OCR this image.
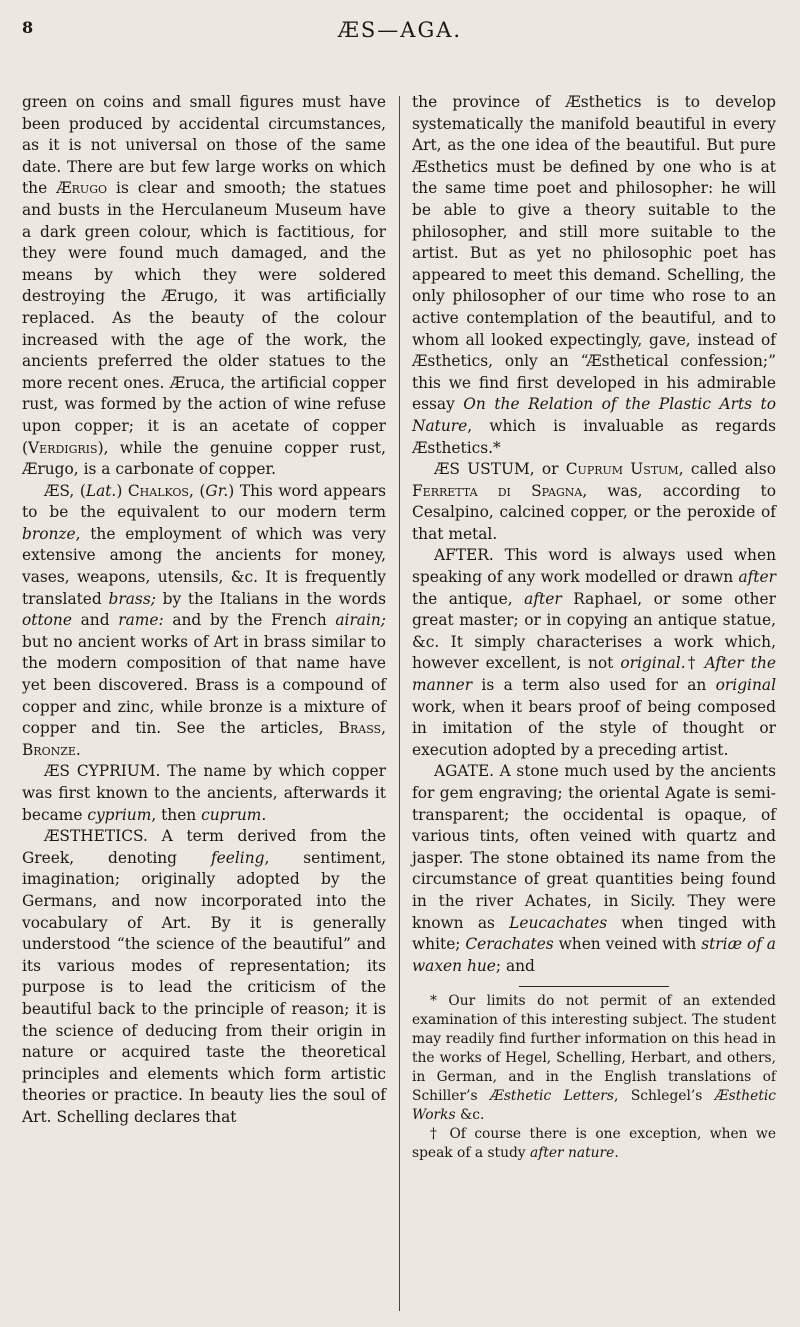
8	ÆS—AGA.

green on coins and small figures must have been produced by accidental circumstances, as it is not universal on those of the same date. There are but few large works on which the Ærugo is clear and smooth; the statues and busts in the Herculaneum Museum have a dark green colour, which is factitious, for they were found much damaged, and the means by which they were soldered destroying the Ærugo, it was artificially replaced. As the beauty of the colour increased with the age of the work, the ancients preferred the older statues to the more recent ones. Æruca, the artificial copper rust, was formed by the action of wine refuse upon copper; it is an acetate of copper (Verdigris), while the genuine copper rust, Ærugo, is a carbonate of copper.

ÆS, (Lat.) Chalkos, (Gr.) This word appears to be the equivalent to our modern term bronze, the employment of which was very extensive among the ancients for money, vases, weapons, utensils, &c. It is frequently translated brass; by the Italians in the words ottone and rame: and by the French airain; but no ancient works of Art in brass similar to the modern composition of that name have yet been discovered. Brass is a compound of copper and zinc, while bronze is a mixture of copper and tin. See the articles, Brass, Bronze.

ÆS CYPRIUM. The name by which copper was first known to the ancients, afterwards it became cyprium, then cuprum.

ÆSTHETICS. A term derived from the Greek, denoting feeling, sentiment, imagination; originally adopted by the Germans, and now incorporated into the vocabulary of Art. By it is generally understood “the science of the beautiful” and its various modes of representation; its purpose is to lead the criticism of the beautiful back to the principle of reason; it is the science of deducing from their origin in nature or acquired taste the theoretical principles and elements which form artistic theories or practice. In beauty lies the soul of Art. Schelling declares that

the province of Æsthetics is to develop systematically the manifold beautiful in every Art, as the one idea of the beautiful. But pure Æsthetics must be defined by one who is at the same time poet and philosopher: he will be able to give a theory suitable to the philosopher, and still more suitable to the artist. But as yet no philosophic poet has appeared to meet this demand. Schelling, the only philosopher of our time who rose to an active contemplation of the beautiful, and to whom all looked expectingly, gave, instead of Æsthetics, only an “Æsthetical confession;” this we find first developed in his admirable essay On the Relation of the Plastic Arts to Nature, which is invaluable as regards Æsthetics.*

ÆS USTUM, or Cuprum Ustum, called also Ferretta di Spagna, was, according to Cesalpino, calcined copper, or the peroxide of that metal.

AFTER. This word is always used when speaking of any work modelled or drawn after the antique, after Raphael, or some other great master; or in copying an antique statue, &c. It simply characterises a work which, however excellent, is not original.† After the manner is a term also used for an original work, when it bears proof of being composed in imitation of the style of thought or execution adopted by a preceding artist.

AGATE. A stone much used by the ancients for gem engraving; the oriental Agate is semi-transparent; the occidental is opaque, of various tints, often veined with quartz and jasper. The stone obtained its name from the circumstance of great quantities being found in the river Achates, in Sicily. They were known as Leucachates when tinged with white; Cerachates when veined with striæ of a waxen hue; and

* Our limits do not permit of an extended examination of this interesting subject. The student may readily find further information on this head in the works of Hegel, Schelling, Herbart, and others, in German, and in the English translations of Schiller’s Æsthetic Letters, Schlegel’s Æsthetic Works &c.

† Of course there is one exception, when we speak of a study after nature.
